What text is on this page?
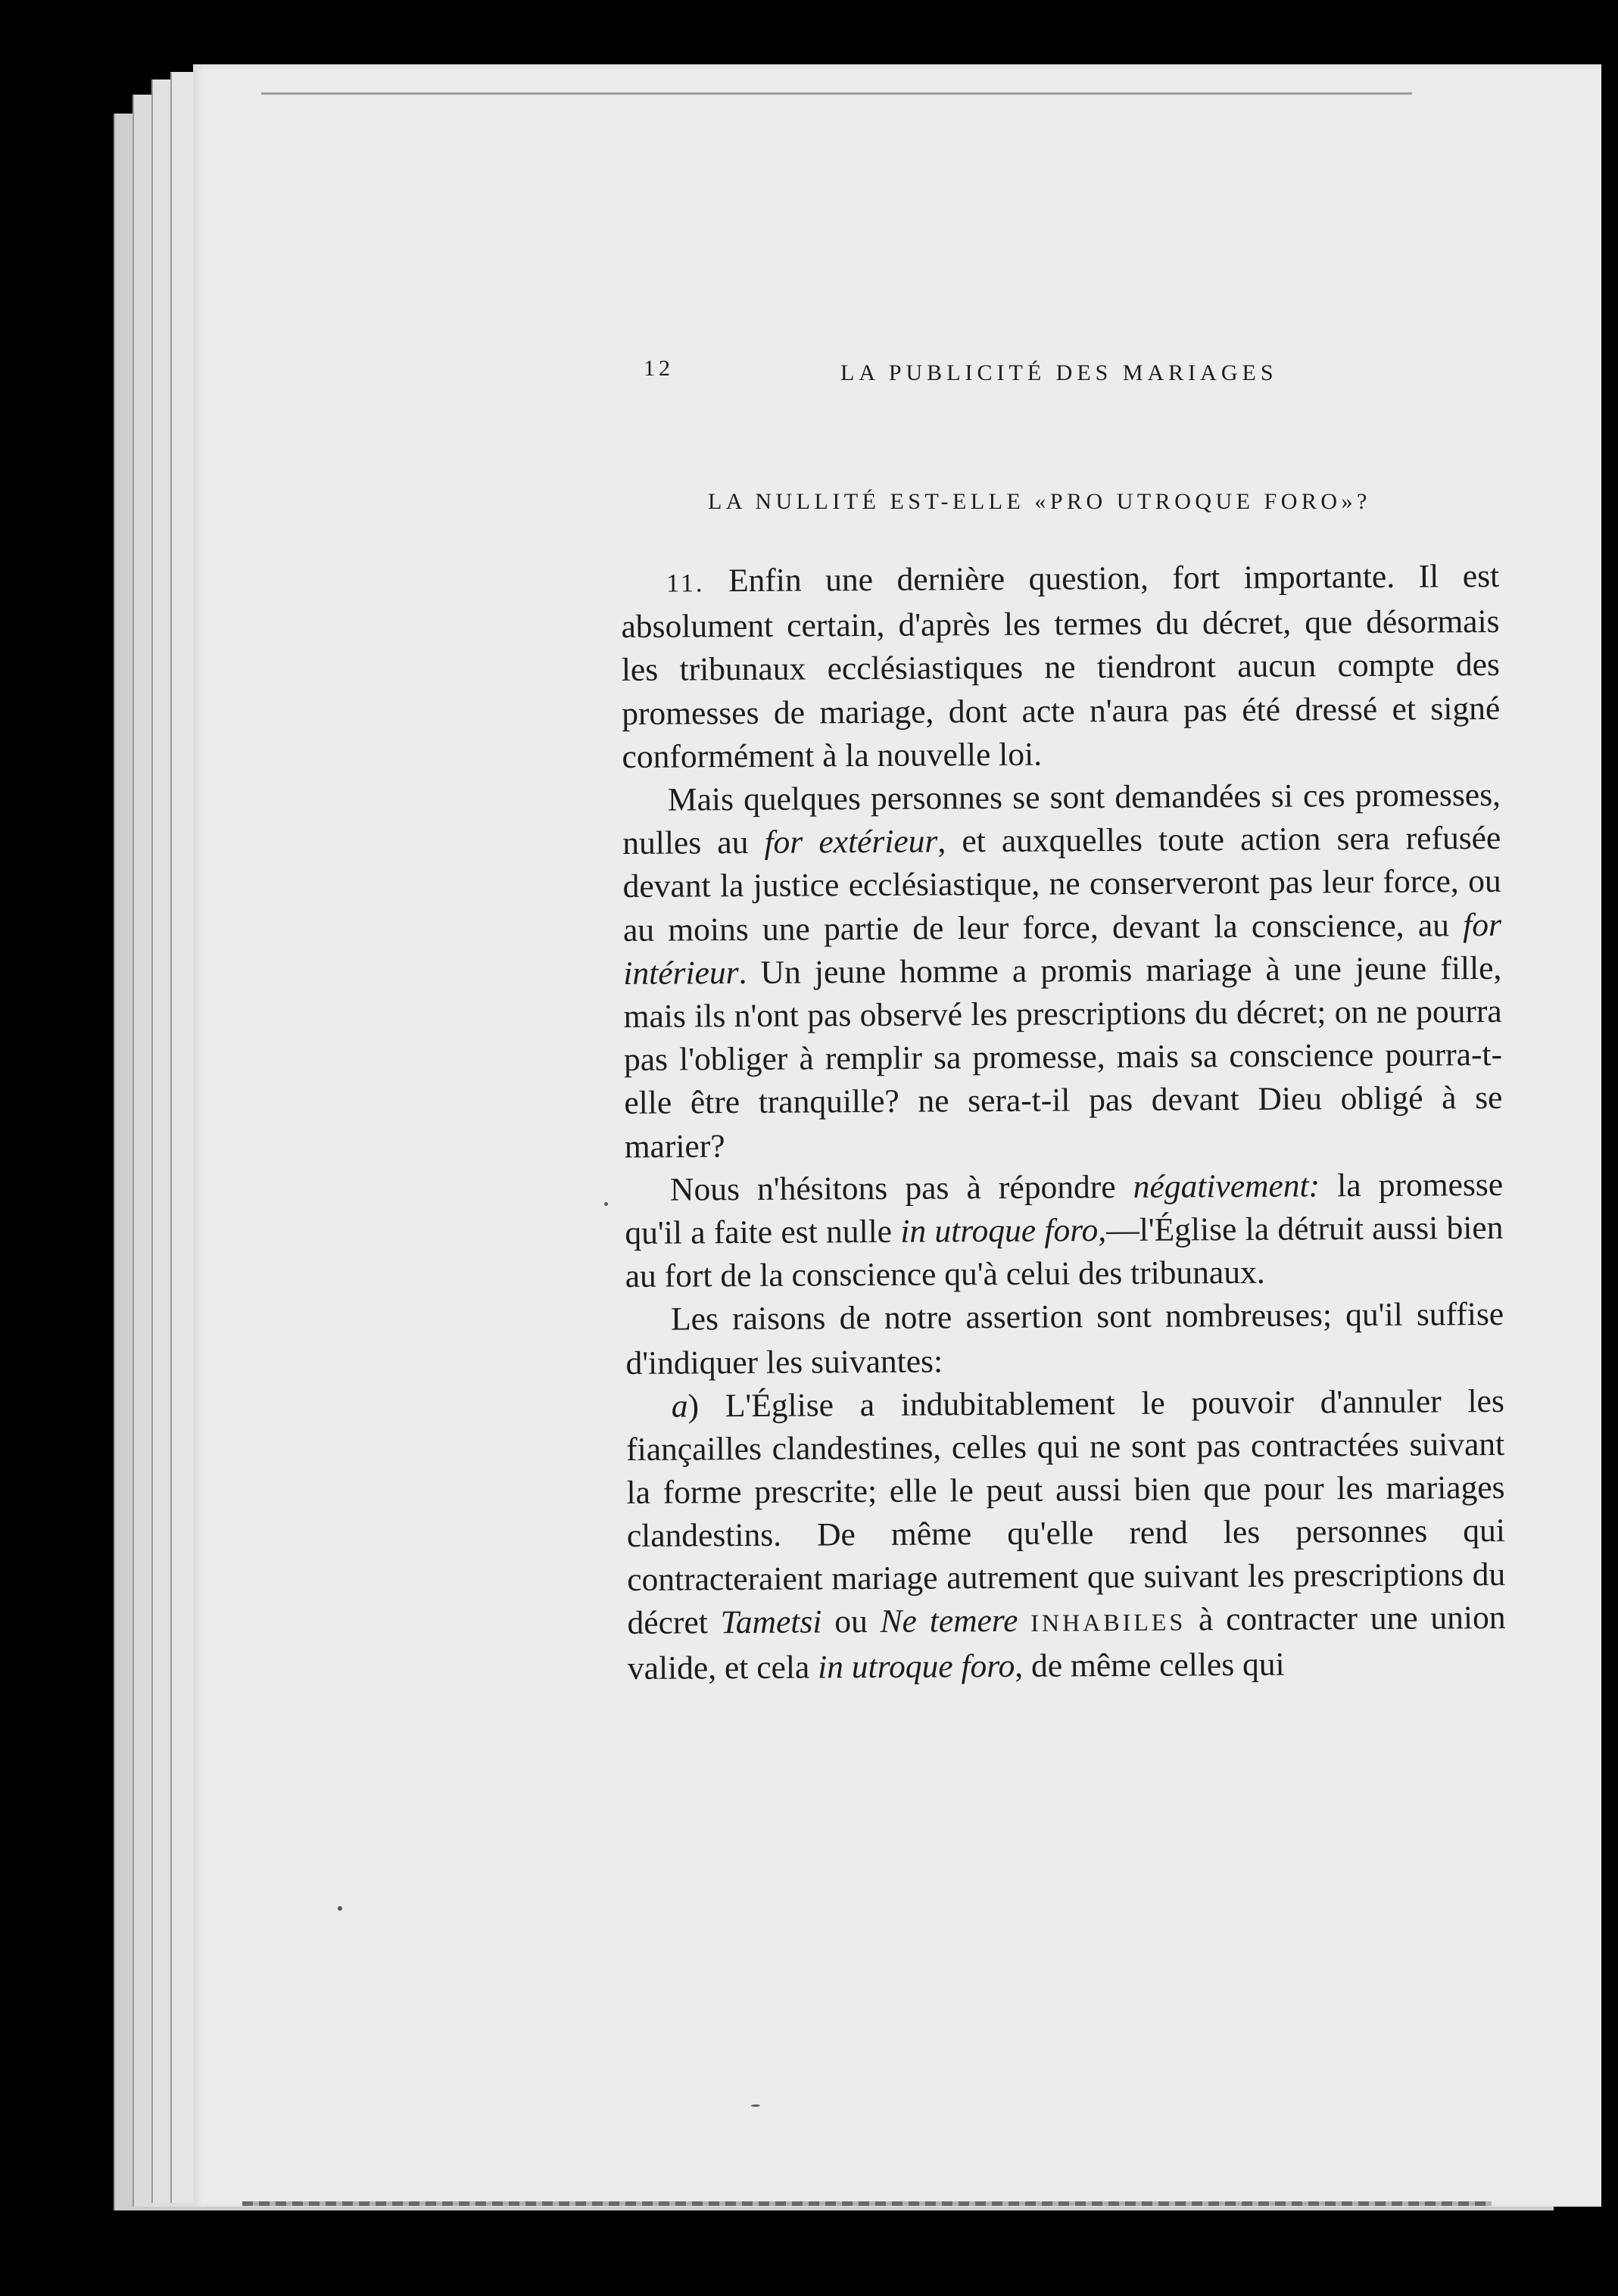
12	LA PUBLICITÉ DES MARIAGES
LA NULLITÉ EST-ELLE «PRO UTROQUE FORO»?

11. Enfin une dernière question, fort importante. Il est absolument certain, d'après les termes du décret, que désormais les tribunaux ecclésiastiques ne tiendront aucun compte des promesses de mariage, dont acte n'aura pas été dressé et signé conformément à la nouvelle loi.

Mais quelques personnes se sont demandées si ces promesses, nulles au for extérieur, et auxquelles toute action sera refusée devant la justice ecclésiastique, ne conserveront pas leur force, ou au moins une partie de leur force, devant la conscience, au for intérieur. Un jeune homme a promis mariage à une jeune fille, mais ils n'ont pas observé les prescriptions du décret; on ne pourra pas l'obliger à remplir sa promesse, mais sa conscience pourra-t-elle être tranquille? ne sera-t-il pas devant Dieu obligé à se marier?

Nous n'hésitons pas à répondre négativement: la promesse qu'il a faite est nulle in utroque foro,—l'Église la détruit aussi bien au fort de la conscience qu'à celui des tribunaux.

Les raisons de notre assertion sont nombreuses; qu'il suffise d'indiquer les suivantes:

a) L'Église a indubitablement le pouvoir d'annuler les fiançailles clandestines, celles qui ne sont pas contractées suivant la forme prescrite; elle le peut aussi bien que pour les mariages clandestins. De même qu'elle rend les personnes qui contracteraient mariage autrement que suivant les prescriptions du décret Tametsi ou Ne temere INHABILES à contracter une union valide, et cela in utroque foro, de même celles qui
